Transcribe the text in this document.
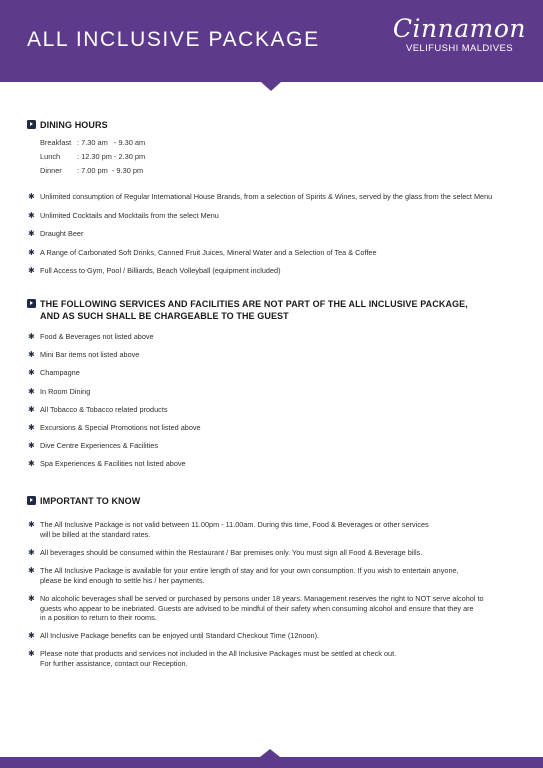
ALL INCLUSIVE PACKAGE	Cinnamon
VELIFUSHI MALDIVES
DINING HOURS
Breakfast : 7.30 am   - 9.30 am
Lunch	: 12.30 pm - 2.30 pm
Dinner	: 7.00 pm  - 9.30 pm
✱ Unlimited consumption of Regular International House Brands, from a selection of Spirits & Wines, served by the glass from the select Menu
✱ Unlimited Cocktails and Mocktails from the select Menu
✱ Draught Beer
✱ A Range of Carbonated Soft Drinks, Canned Fruit Juices, Mineral Water and a Selection of Tea & Coffee
✱ Full Access to Gym, Pool / Billiards, Beach Volleyball (equipment included)
THE FOLLOWING SERVICES AND FACILITIES ARE NOT PART OF THE ALL INCLUSIVE PACKAGE,
AND AS SUCH SHALL BE CHARGEABLE TO THE GUEST
✱ Food & Beverages not listed above
✱ Mini Bar items not listed above
✱ Champagne
✱ In Room Dining
✱ All Tobacco & Tobacco related products
✱ Excursions & Special Promotions not listed above
✱ Dive Centre Experiences & Facilities
✱ Spa Experiences & Facilities not listed above
IMPORTANT TO KNOW
✱ The All Inclusive Package is not valid between 11.00pm - 11.00am. During this time, Food & Beverages or other services
will be billed at the standard rates.
✱ All beverages should be consumed within the Restaurant / Bar premises only. You must sign all Food & Beverage bills.
✱ The All Inclusive Package is available for your entire length of stay and for your own consumption. If you wish to entertain anyone,
please be kind enough to settle his / her payments.
✱ No alcoholic beverages shall be served or purchased by persons under 18 years. Management reserves the right to NOT serve alcohol to
guests who appear to be inebriated. Guests are advised to be mindful of their safety when consuming alcohol and ensure that they are
in a position to return to their rooms.
✱ All Inclusive Package benefits can be enjoyed until Standard Checkout Time (12noon).
✱ Please note that products and services not included in the All Inclusive Packages must be settled at check out.
For further assistance, contact our Reception.
